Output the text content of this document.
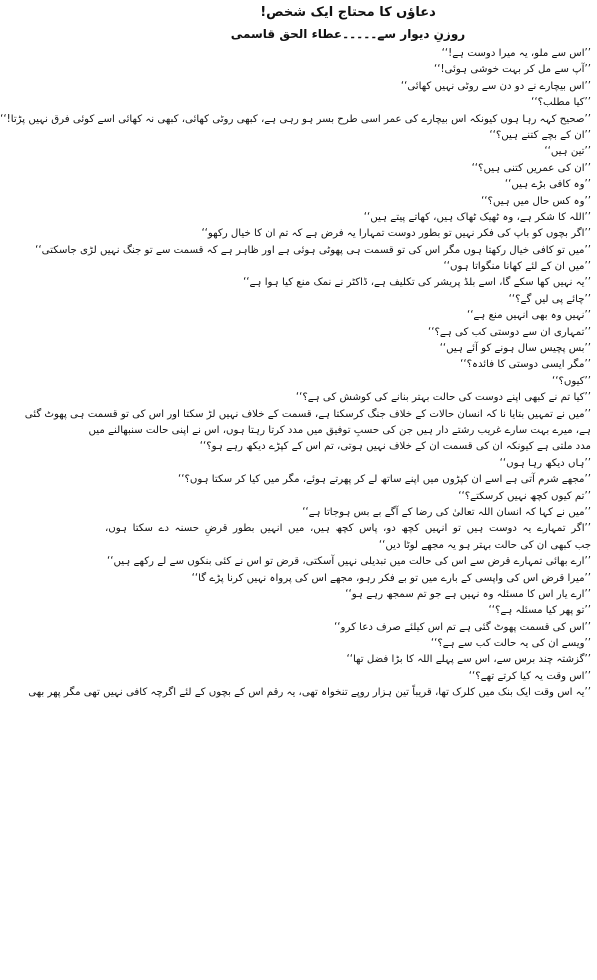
دعاؤں کا محتاج ایک شخص!
روزنِ دیوار سے۔۔۔۔۔عطاء الحق قاسمی
’’اس سے ملو، یہ میرا دوست ہے!‘‘
’’آپ سے مل کر بہت خوشی ہوئی!‘‘
’’اس بیچارے نے دو دن سے روٹی نہیں کھائی‘‘
’’کیا مطلب؟‘‘
’’صحیح کہہ رہا ہوں کیونکہ اس بیچارے کی عمر اسی طرح بسر ہو رہی ہے، کبھی روٹی کھائی، کبھی نہ کھائی اسے کوئی فرق نہیں پڑتا!‘‘
’’ان کے بچے کتنے ہیں؟‘‘
’’تین ہیں‘‘
’’ان کی عمریں کتنی ہیں؟‘‘
’’وہ کافی بڑے ہیں‘‘
’’وہ کس حال میں ہیں؟‘‘
’’اللہ کا شکر ہے، وہ ٹھیک ٹھاک ہیں، کھاتے پیتے ہیں‘‘
’’اگر بچوں کو باپ کی فکر نہیں تو بطور دوست تمہارا یہ فرض ہے کہ تم ان کا خیال رکھو‘‘
’’میں تو کافی خیال رکھتا ہوں مگر اس کی تو قسمت ہی پھوٹی ہوئی ہے اور ظاہر ہے کہ قسمت سے تو جنگ نہیں لڑی جاسکتی‘‘
’’میں ان کے لئے کھانا منگواتا ہوں‘‘
’’یہ نہیں کھا سکے گا، اسے بلڈ پریشر کی تکلیف ہے، ڈاکٹر نے نمک منع کیا ہوا ہے‘‘
’’چائے پی لیں گے؟‘‘
’’نہیں وہ بھی انہیں منع ہے‘‘
’’تمہاری ان سے دوستی کب کی ہے؟‘‘
’’بس پچیس سال ہونے کو آئے ہیں‘‘
’’مگر ایسی دوستی کا فائدہ؟‘‘
’’کیوں؟‘‘
’’کیا تم نے کبھی اپنے دوست کی حالت بہتر بنانے کی کوشش کی ہے؟‘‘
’’میں نے تمہیں بتایا نا کہ انسان حالات کے خلاف جنگ کرسکتا ہے، قسمت کے خلاف نہیں لڑ سکتا اور اس کی تو قسمت ہی پھوٹ گئی
ہے، میرے بہت سارے غریب رشتے دار ہیں جن کی حسبِ توفیق میں مدد کرتا رہتا ہوں، اس نے اپنی حالت سنبھالنے میں
مدد ملتی ہے کیونکہ ان کی قسمت ان کے خلاف نہیں ہوتی، تم اس کے کپڑے دیکھ رہے ہو؟‘‘
’’ہاں دیکھ رہا ہوں‘‘
’’مجھے شرم آتی ہے اسے ان کپڑوں میں اپنے ساتھ لے کر پھرتے ہوئے، مگر میں کیا کر سکتا ہوں؟‘‘
’’تم کیوں کچھ نہیں کرسکتے؟‘‘
’’میں نے کہا کہ انسان اللہ تعالیٰ کی رضا کے آگے بے بس ہوجاتا ہے‘‘
’’اگر تمہارے یہ دوست ہیں تو انہیں کچھ دو، پاس کچھ ہیں، میں انہیں بطور قرضِ حسنہ دے سکتا ہوں،
جب کبھی ان کی حالت بہتر ہو یہ مجھے لوٹا دیں‘‘
’’ارے بھائی تمہارے قرض سے اس کی حالت میں تبدیلی نہیں آسکتی، قرض تو اس نے کئی بنکوں سے لے رکھے ہیں‘‘
’’میرا قرض اس کی واپسی کے بارے میں تو بے فکر رہو، مجھے اس کی پرواہ نہیں کرنا پڑے گا‘‘
’’ارے یار اس کا مسئلہ وہ نہیں ہے جو تم سمجھ رہے ہو‘‘
’’تو پھر کیا مسئلہ ہے؟‘‘
’’اس کی قسمت پھوٹ گئی ہے تم اس کیلئے صرف دعا کرو‘‘
’’ویسے ان کی یہ حالت کب سے ہے؟‘‘
’’گزشتہ چند برس سے، اس سے پہلے اللہ کا بڑا فضل تھا‘‘
’’اس وقت یہ کیا کرتے تھے؟‘‘
’’یہ اس وقت ایک بنک میں کلرک تھا، قریباً تین ہزار روپے تنخواہ تھی، یہ رقم اس کے بچوں کے لئے اگرچہ کافی نہیں تھی مگر پھر بھی
